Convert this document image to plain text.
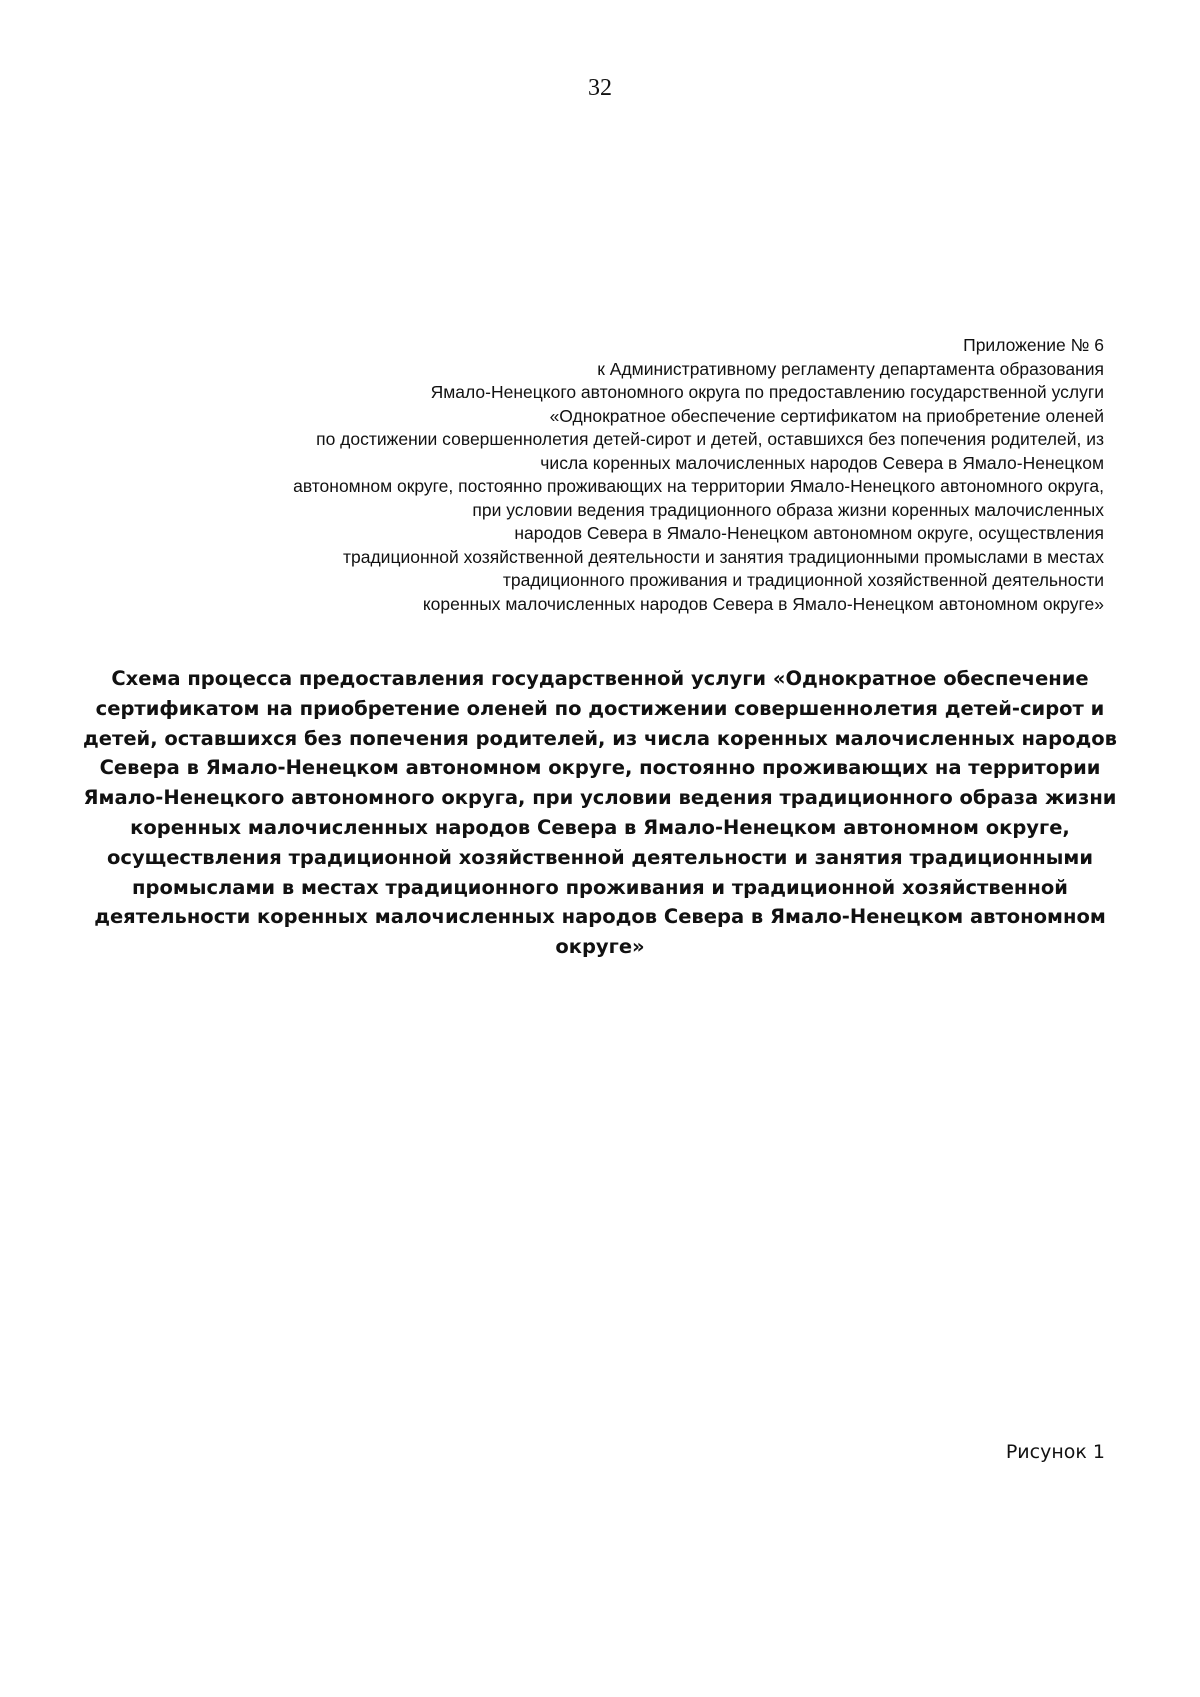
32
Приложение № 6
к Административному регламенту департамента образования
Ямало-Ненецкого автономного округа по предоставлению государственной услуги
«Однократное обеспечение сертификатом на приобретение оленей
по достижении совершеннолетия детей-сирот и детей, оставшихся без попечения родителей, из
числа коренных малочисленных народов Севера в Ямало-Ненецком
автономном округе, постоянно проживающих на территории Ямало-Ненецкого автономного округа,
при условии ведения традиционного образа жизни коренных малочисленных
народов Севера в Ямало-Ненецком автономном округе, осуществления
традиционной хозяйственной деятельности и занятия традиционными промыслами в местах
традиционного проживания и традиционной хозяйственной деятельности
коренных малочисленных народов Севера в Ямало-Ненецком автономном округе»
Схема процесса предоставления государственной услуги «Однократное обеспечение
сертификатом на приобретение оленей по достижении совершеннолетия детей-сирот и
детей, оставшихся без попечения родителей, из числа коренных малочисленных народов
Севера в Ямало-Ненецком автономном округе, постоянно проживающих на территории
Ямало-Ненецкого автономного округа, при условии ведения традиционного образа жизни
коренных малочисленных народов Севера в Ямало-Ненецком автономном округе,
осуществления традиционной хозяйственной деятельности и занятия традиционными
промыслами в местах традиционного проживания и традиционной хозяйственной
деятельности коренных малочисленных народов Севера в Ямало-Ненецком автономном
округе»
Рисунок 1
